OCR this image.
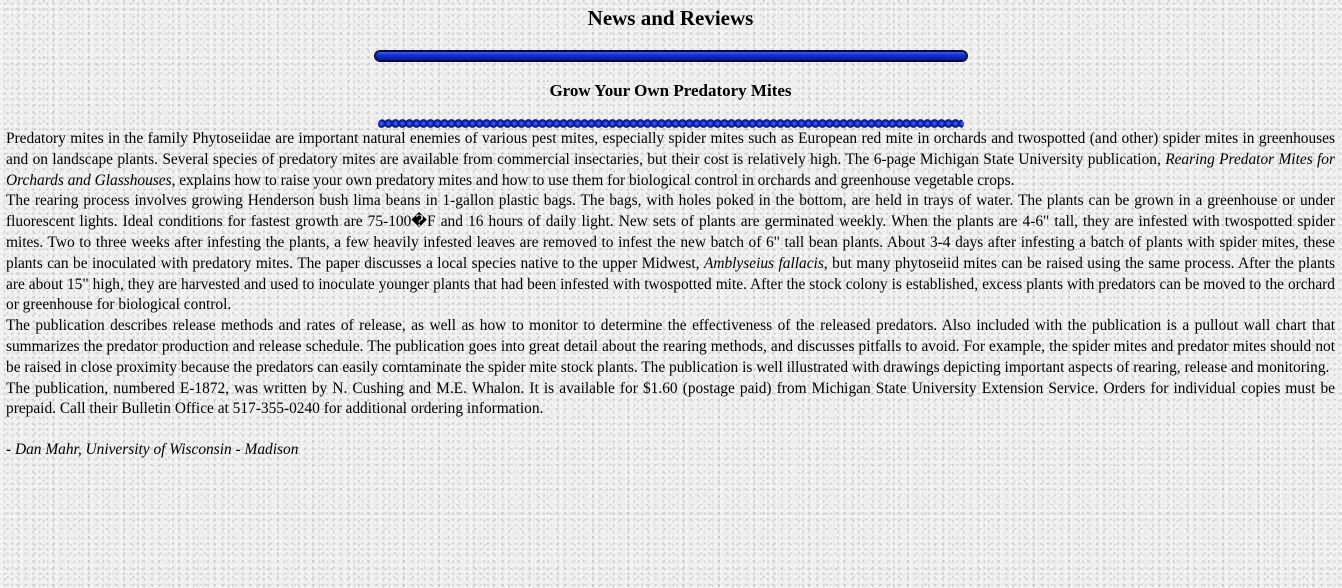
News and Reviews
Grow Your Own Predatory Mites

Predatory mites in the family Phytoseiidae are important natural enemies of various pest mites, especially spider mites such as European red mite in orchards and twospotted (and other) spider mites in greenhouses and on landscape plants. Several species of predatory mites are available from commercial insectaries, but their cost is relatively high. The 6-page Michigan State University publication, Rearing Predator Mites for Orchards and Glasshouses, explains how to raise your own predatory mites and how to use them for biological control in orchards and greenhouse vegetable crops.

The rearing process involves growing Henderson bush lima beans in 1-gallon plastic bags. The bags, with holes poked in the bottom, are held in trays of water. The plants can be grown in a greenhouse or under fluorescent lights. Ideal conditions for fastest growth are 75-100�F and 16 hours of daily light. New sets of plants are germinated weekly. When the plants are 4-6" tall, they are infested with twospotted spider mites. Two to three weeks after infesting the plants, a few heavily infested leaves are removed to infest the new batch of 6" tall bean plants. About 3-4 days after infesting a batch of plants with spider mites, these plants can be inoculated with predatory mites. The paper discusses a local species native to the upper Midwest, Amblyseius fallacis, but many phytoseiid mites can be raised using the same process. After the plants are about 15" high, they are harvested and used to inoculate younger plants that had been infested with twospotted mite. After the stock colony is established, excess plants with predators can be moved to the orchard or greenhouse for biological control.

The publication describes release methods and rates of release, as well as how to monitor to determine the effectiveness of the released predators. Also included with the publication is a pullout wall chart that summarizes the predator production and release schedule. The publication goes into great detail about the rearing methods, and discusses pitfalls to avoid. For example, the spider mites and predator mites should not be raised in close proximity because the predators can easily comtaminate the spider mite stock plants. The publication is well illustrated with drawings depicting important aspects of rearing, release and monitoring.

The publication, numbered E-1872, was written by N. Cushing and M.E. Whalon. It is available for $1.60 (postage paid) from Michigan State University Extension Service. Orders for individual copies must be prepaid. Call their Bulletin Office at 517-355-0240 for additional ordering information.

- Dan Mahr, University of Wisconsin - Madison
